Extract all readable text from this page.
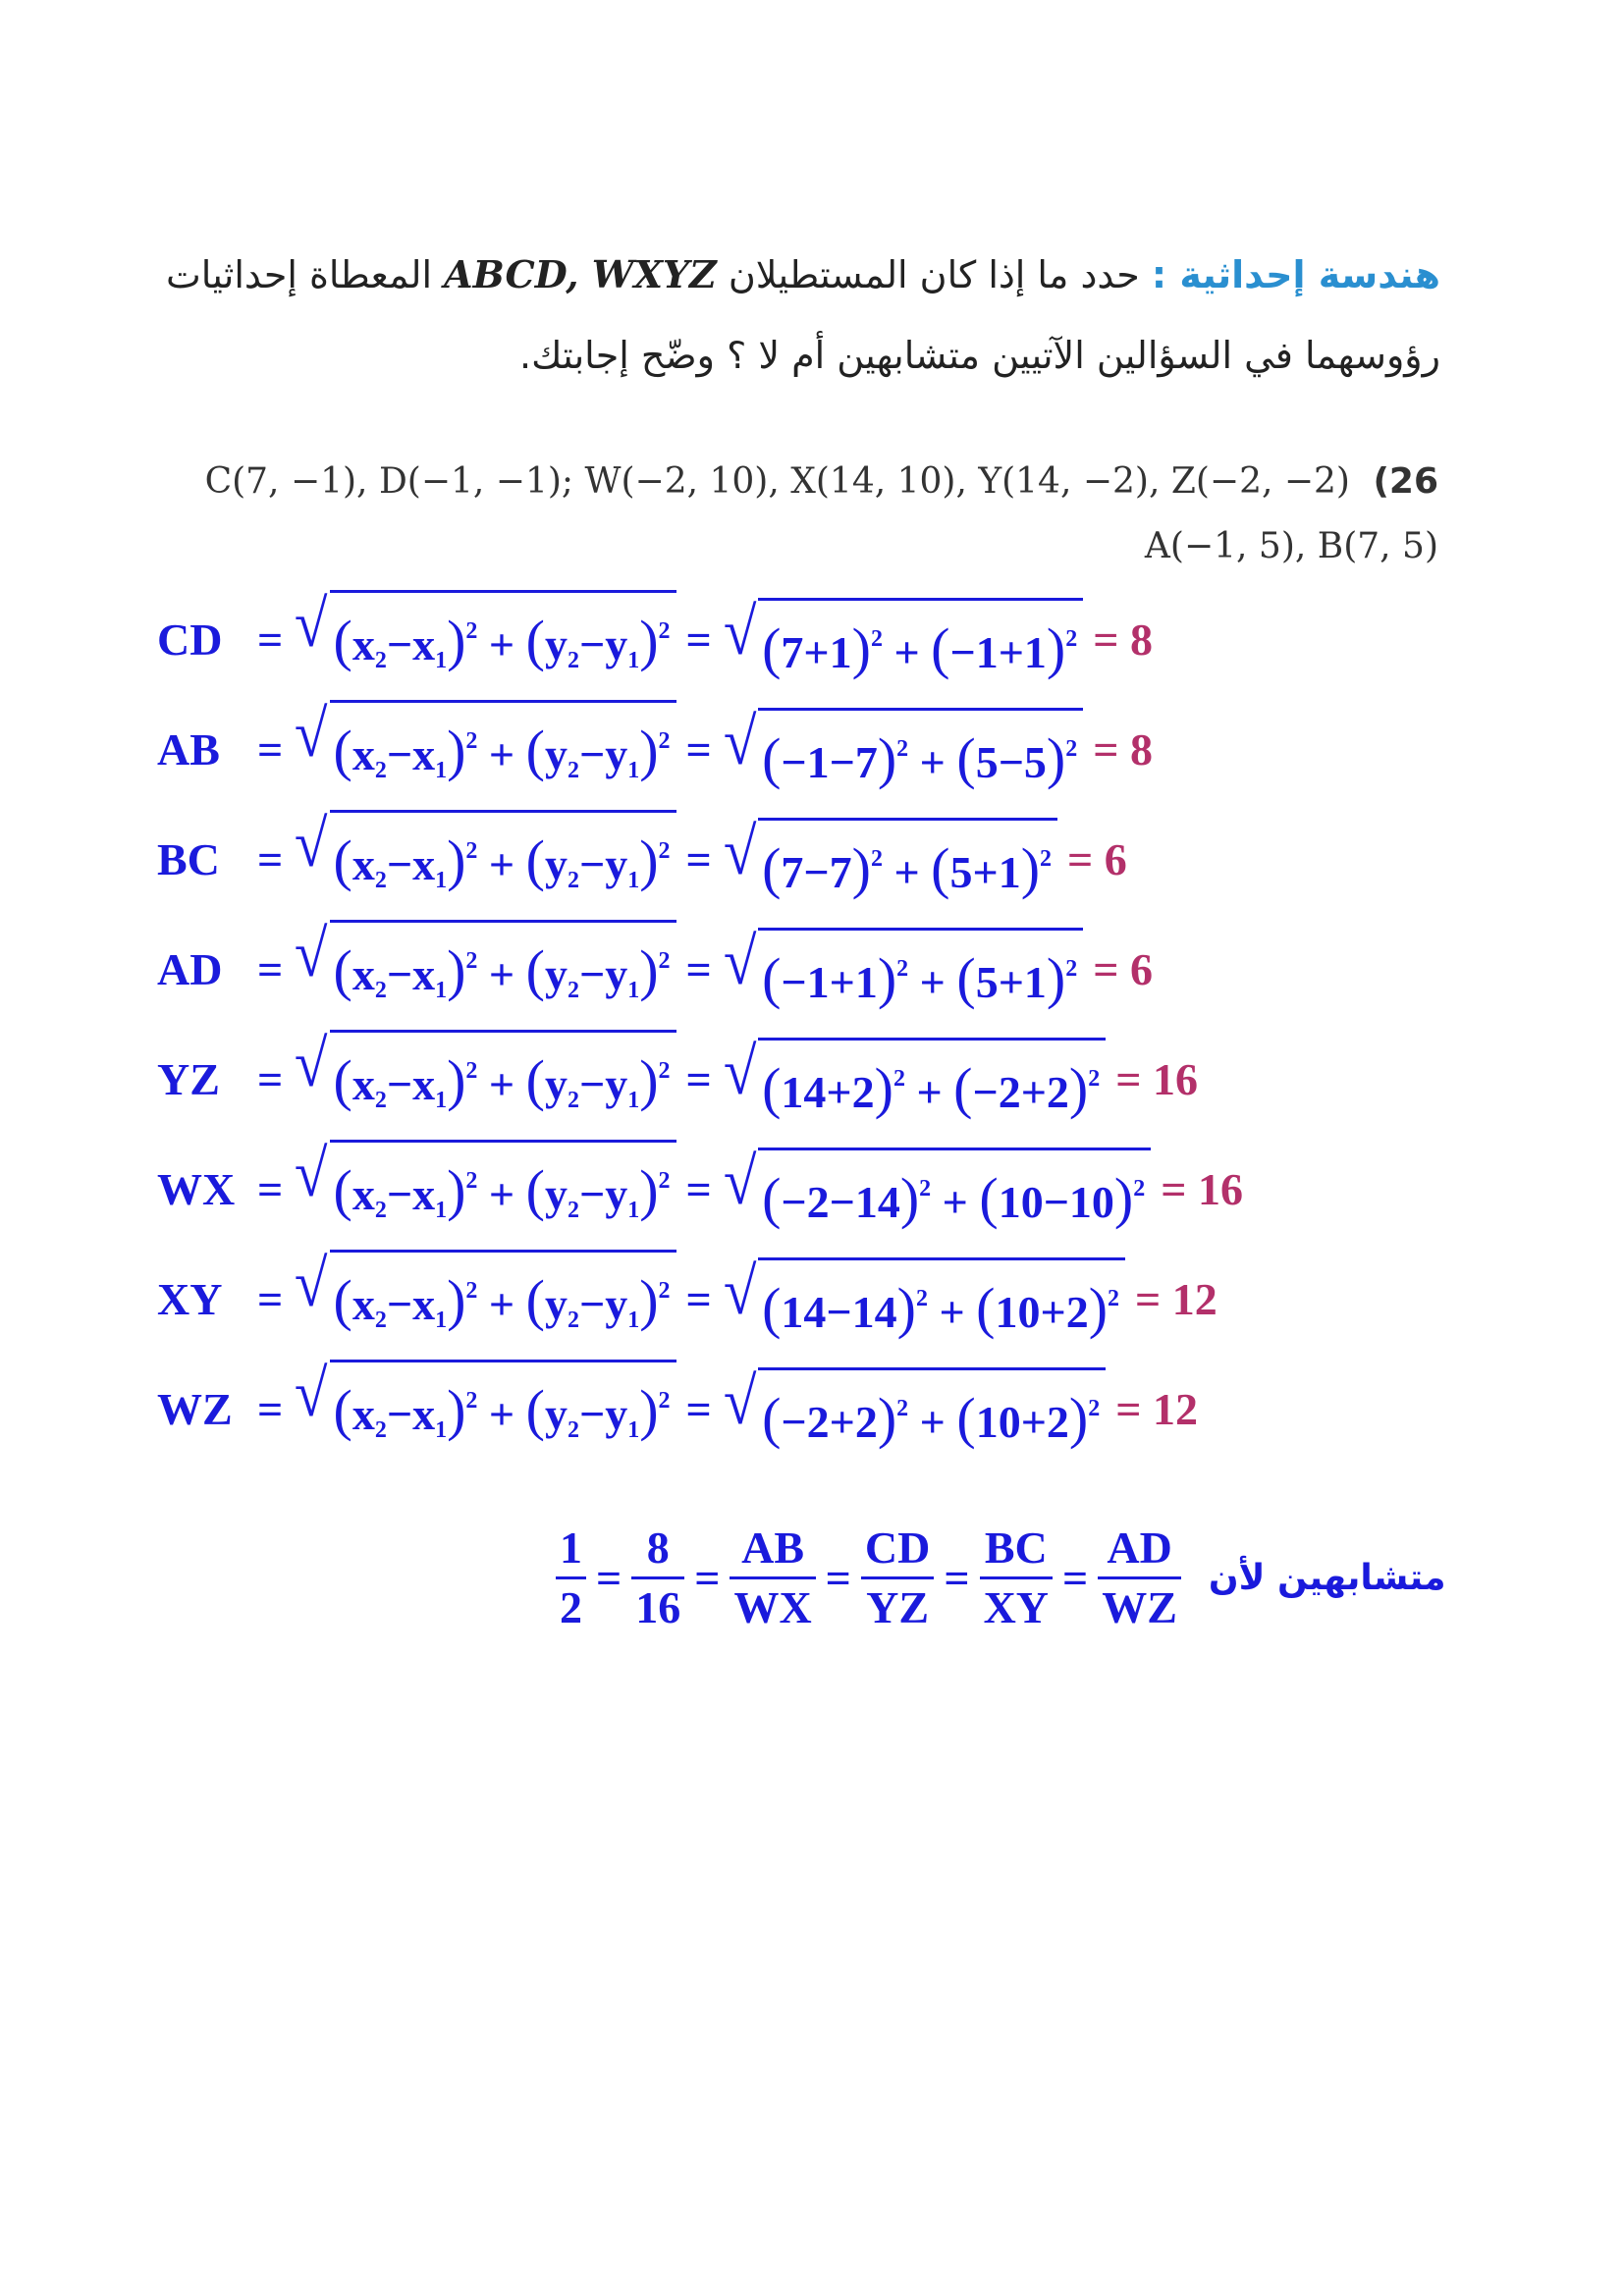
هندسة إحداثية : حدد ما إذا كان المستطيلان ABCD, WXYZ المعطاة إحداثيات
رؤوسهما في السؤالين الآتيين متشابهين أم لا ؟ وضّح إجابتك.
C(7, −1), D(−1, −1); W(−2, 10), X(14, 10), Y(14, −2), Z(−2, −2) (26
A(−1, 5), B(7, 5)
CD = √ $(x_2-x_1)^2 + (y_2-y_1)^2$ = √ $(7+1)^2 + (-1+1)^2 = 8$
AB = √ $(x_2-x_1)^2 + (y_2-y_1)^2$ = √ $(-1-7)^2 + (5-5)^2 = 8$
BC = √ $(x_2-x_1)^2 + (y_2-y_1)^2$ = √ $(7-7)^2 + (5+1)^2 = 6$
AD = √ $(x_2-x_1)^2 + (y_2-y_1)^2$ = √ $(-1+1)^2 + (5+1)^2 = 6$
YZ = √ $(x_2-x_1)^2 + (y_2-y_1)^2$ = √ $(14+2)^2 + (-2+2)^2 = 16$
WX = √ $(x_2-x_1)^2 + (y_2-y_1)^2$ = √ $(-2-14)^2 + (10-10)^2 = 16$
XY = √ $(x_2-x_1)^2 + (y_2-y_1)^2$ = √ $(14-14)^2 + (10+2)^2 = 12$
WZ = √ $(x_2-x_1)^2 + (y_2-y_1)^2$ = √ $(-2+2)^2 + (10+2)^2 = 12$
$\frac{1}{2} = \frac{8}{16} = \frac{AB}{WX} = \frac{CD}{YZ} = \frac{BC}{XY} = \frac{AD}{WZ}$ متشابهين لأن
